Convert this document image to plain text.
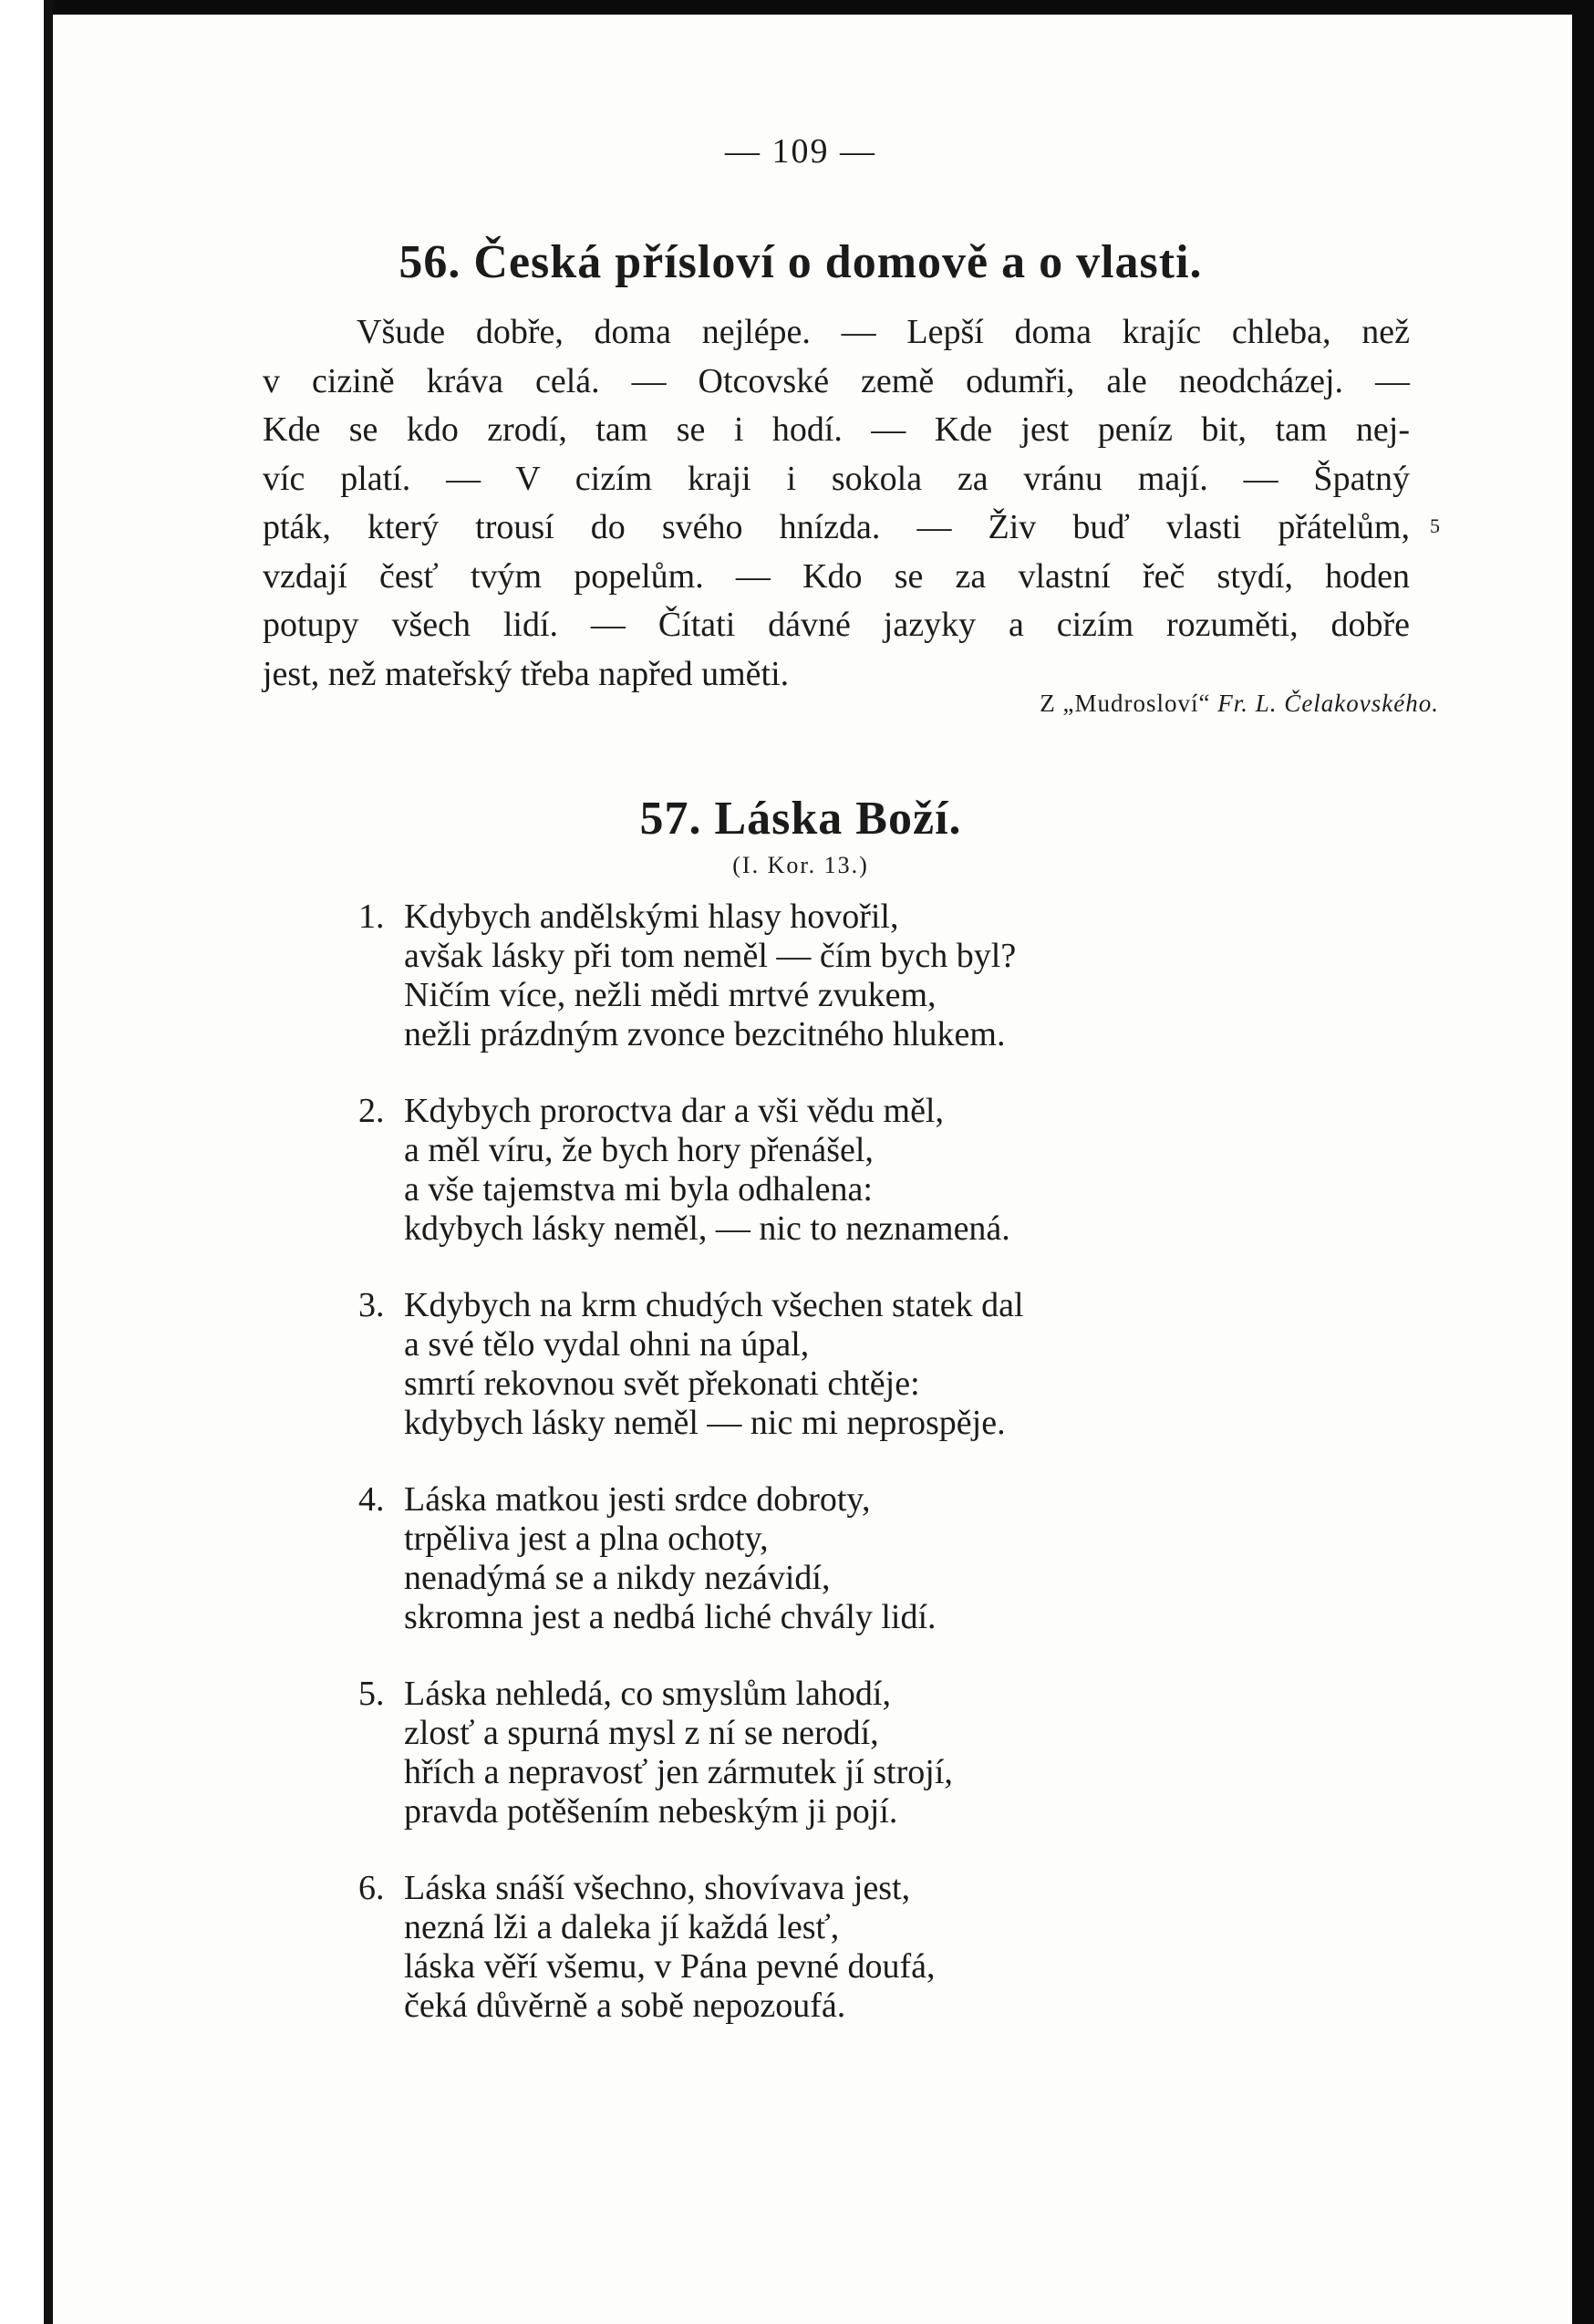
— 109 —
56. Česká přísloví o domově a o vlasti.
Všude dobře, doma nejlépe. — Lepší doma krajíc chleba, než
v cizině kráva celá. — Otcovské země odumři, ale neodcházej. —
Kde se kdo zrodí, tam se i hodí. — Kde jest peníz bit, tam nej-
víc platí. — V cizím kraji i sokola za vránu mají. — Špatný
pták, který trousí do svého hnízda. — Živ buď vlasti přátelům,
vzdají česť tvým popelům. — Kdo se za vlastní řeč stydí, hoden
potupy všech lidí. — Čítati dávné jazyky a cizím rozuměti, dobře
jest, než mateřský třeba napřed uměti.
5
Z „Mudrosloví“ Fr. L. Čelakovského.
57. Láska Boží.
(I. Kor. 13.)
1. Kdybych andělskými hlasy hovořil,
avšak lásky při tom neměl — čím bych byl?
Ničím více, nežli mědi mrtvé zvukem,
nežli prázdným zvonce bezcitného hlukem.
2. Kdybych proroctva dar a vši vědu měl,
a měl víru, že bych hory přenášel,
a vše tajemstva mi byla odhalena:
kdybych lásky neměl, — nic to neznamená.
3. Kdybych na krm chudých všechen statek dal
a své tělo vydal ohni na úpal,
smrtí rekovnou svět překonati chtěje:
kdybych lásky neměl — nic mi neprospěje.
4. Láska matkou jesti srdce dobroty,
trpěliva jest a plna ochoty,
nenadýmá se a nikdy nezávidí,
skromna jest a nedbá liché chvály lidí.
5. Láska nehledá, co smyslům lahodí,
zlosť a spurná mysl z ní se nerodí,
hřích a nepravosť jen zármutek jí strojí,
pravda potěšením nebeským ji pojí.
6. Láska snáší všechno, shovívava jest,
nezná lži a daleka jí každá lesť,
láska věří všemu, v Pána pevné doufá,
čeká důvěrně a sobě nepozoufá.
